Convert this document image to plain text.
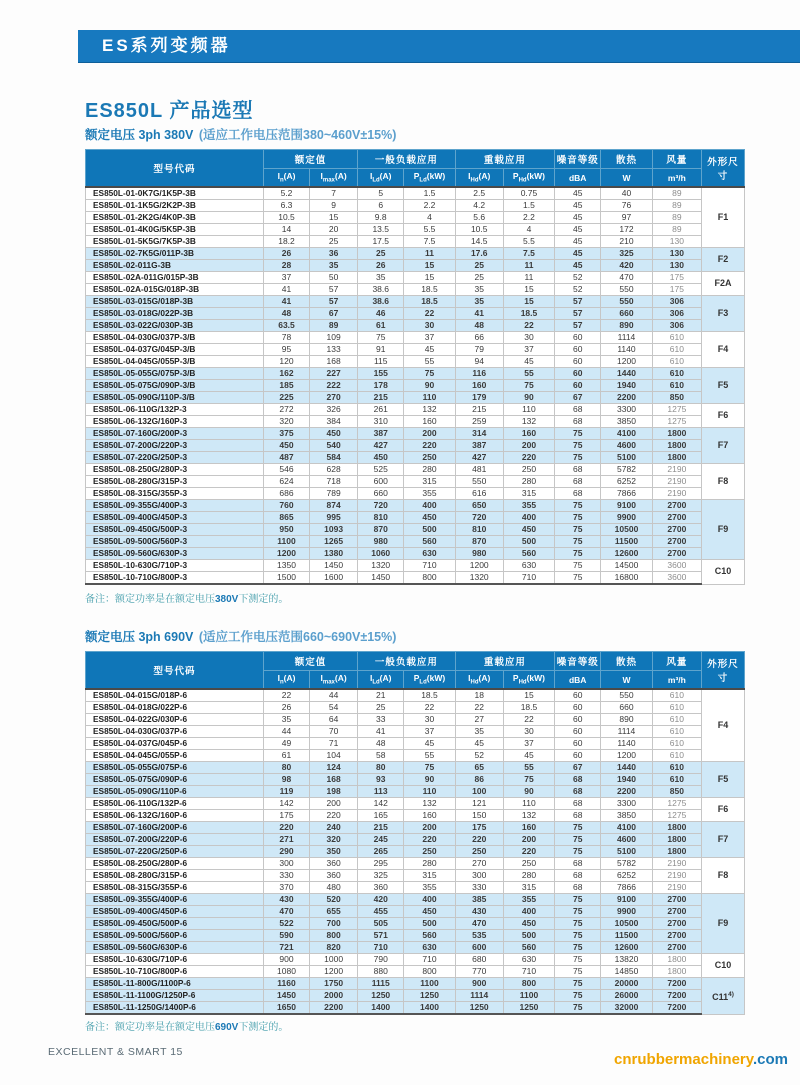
ES系列变频器
ES850L 产品选型
额定电压 3ph 380V (适应工作电压范围380~460V±15%)
型号代码	额定值		一般负载应用		重载应用		噪音等级	散热	风量	外形尺寸
	$I_n(A)$	$I_{max}(A)$	$I_{Ld}(A)$	$P_{Ld}(kW)$	$I_{Hd}(A)$	$P_{Hd}(kW)$	dBA	W	m³/h	
ES850L-01-0K7G/1K5P-3B	5.2	7	5	1.5	2.5	0.75	45	40	89	F1
ES850L-01-1K5G/2K2P-3B	6.3	9	6	2.2	4.2	1.5	45	76	89	
ES850L-01-2K2G/4K0P-3B	10.5	15	9.8	4	5.6	2.2	45	97	89	
ES850L-01-4K0G/5K5P-3B	14	20	13.5	5.5	10.5	4	45	172	89	
ES850L-01-5K5G/7K5P-3B	18.2	25	17.5	7.5	14.5	5.5	45	210	130	
ES850L-02-7K5G/011P-3B	26	36	25	11	17.6	7.5	45	325	130	F2
ES850L-02-011G-3B	28	35	26	15	25	11	45	420	130	
ES850L-02A-011G/015P-3B	37	50	35	15	25	11	52	470	175	F2A
ES850L-02A-015G/018P-3B	41	57	38.6	18.5	35	15	52	550	175	
ES850L-03-015G/018P-3B	41	57	38.6	18.5	35	15	57	550	306	F3
ES850L-03-018G/022P-3B	48	67	46	22	41	18.5	57	660	306	
ES850L-03-022G/030P-3B	63.5	89	61	30	48	22	57	890	306	
ES850L-04-030G/037P-3/B	78	109	75	37	66	30	60	1114	610	F4
ES850L-04-037G/045P-3/B	95	133	91	45	79	37	60	1140	610	
ES850L-04-045G/055P-3/B	120	168	115	55	94	45	60	1200	610	
ES850L-05-055G/075P-3/B	162	227	155	75	116	55	60	1440	610	F5
ES850L-05-075G/090P-3/B	185	222	178	90	160	75	60	1940	610	
ES850L-05-090G/110P-3/B	225	270	215	110	179	90	67	2200	850	
ES850L-06-110G/132P-3	272	326	261	132	215	110	68	3300	1275	F6
ES850L-06-132G/160P-3	320	384	310	160	259	132	68	3850	1275	
ES850L-07-160G/200P-3	375	450	387	200	314	160	75	4100	1800	F7
ES850L-07-200G/220P-3	450	540	427	220	387	200	75	4600	1800	
ES850L-07-220G/250P-3	487	584	450	250	427	220	75	5100	1800	
ES850L-08-250G/280P-3	546	628	525	280	481	250	68	5782	2190	F8
ES850L-08-280G/315P-3	624	718	600	315	550	280	68	6252	2190	
ES850L-08-315G/355P-3	686	789	660	355	616	315	68	7866	2190	
ES850L-09-355G/400P-3	760	874	720	400	650	355	75	9100	2700	F9
ES850L-09-400G/450P-3	865	995	810	450	720	400	75	9900	2700	
ES850L-09-450G/500P-3	950	1093	870	500	810	450	75	10500	2700	
ES850L-09-500G/560P-3	1100	1265	980	560	870	500	75	11500	2700	
ES850L-09-560G/630P-3	1200	1380	1060	630	980	560	75	12600	2700	
ES850L-10-630G/710P-3	1350	1450	1320	710	1200	630	75	14500	3600	C10
ES850L-10-710G/800P-3	1500	1600	1450	800	1320	710	75	16800	3600	
备注：额定功率是在额定电压380V下测定的。
额定电压 3ph 690V (适应工作电压范围660~690V±15%)
型号代码	额定值		一般负载应用		重载应用		噪音等级	散热	风量	外形尺寸
	$I_n(A)$	$I_{max}(A)$	$I_{Ld}(A)$	$P_{Ld}(kW)$	$I_{Hd}(A)$	$P_{Hd}(kW)$	dBA	W	m³/h	
ES850L-04-015G/018P-6	22	44	21	18.5	18	15	60	550	610	F4
ES850L-04-018G/022P-6	26	54	25	22	22	18.5	60	660	610	
ES850L-04-022G/030P-6	35	64	33	30	27	22	60	890	610	
ES850L-04-030G/037P-6	44	70	41	37	35	30	60	1114	610	
ES850L-04-037G/045P-6	49	71	48	45	45	37	60	1140	610	
ES850L-04-045G/055P-6	61	104	58	55	52	45	60	1200	610	
ES850L-05-055G/075P-6	80	124	80	75	65	55	67	1440	610	F5
ES850L-05-075G/090P-6	98	168	93	90	86	75	68	1940	610	
ES850L-05-090G/110P-6	119	198	113	110	100	90	68	2200	850	
ES850L-06-110G/132P-6	142	200	142	132	121	110	68	3300	1275	F6
ES850L-06-132G/160P-6	175	220	165	160	150	132	68	3850	1275	
ES850L-07-160G/200P-6	220	240	215	200	175	160	75	4100	1800	F7
ES850L-07-200G/220P-6	271	320	245	220	220	200	75	4600	1800	
ES850L-07-220G/250P-6	290	350	265	250	250	220	75	5100	1800	
ES850L-08-250G/280P-6	300	360	295	280	270	250	68	5782	2190	F8
ES850L-08-280G/315P-6	330	360	325	315	300	280	68	6252	2190	
ES850L-08-315G/355P-6	370	480	360	355	330	315	68	7866	2190	
ES850L-09-355G/400P-6	430	520	420	400	385	355	75	9100	2700	F9
ES850L-09-400G/450P-6	470	655	455	450	430	400	75	9900	2700	
ES850L-09-450G/500P-6	522	700	505	500	470	450	75	10500	2700	
ES850L-09-500G/560P-6	590	800	571	560	535	500	75	11500	2700	
ES850L-09-560G/630P-6	721	820	710	630	600	560	75	12600	2700	
ES850L-10-630G/710P-6	900	1000	790	710	680	630	75	13820	1800	C10
ES850L-10-710G/800P-6	1080	1200	880	800	770	710	75	14850	1800	
ES850L-11-800G/1100P-6	1160	1750	1115	1100	900	800	75	20000	7200	C11$^{4)}$
ES850L-11-1100G/1250P-6	1450	2000	1250	1250	1114	1100	75	26000	7200	
ES850L-11-1250G/1400P-6	1650	2200	1400	1400	1250	1250	75	32000	7200	
备注：额定功率是在额定电压690V下测定的。
EXCELLENT & SMART 15	cnrubbermachinery.com
